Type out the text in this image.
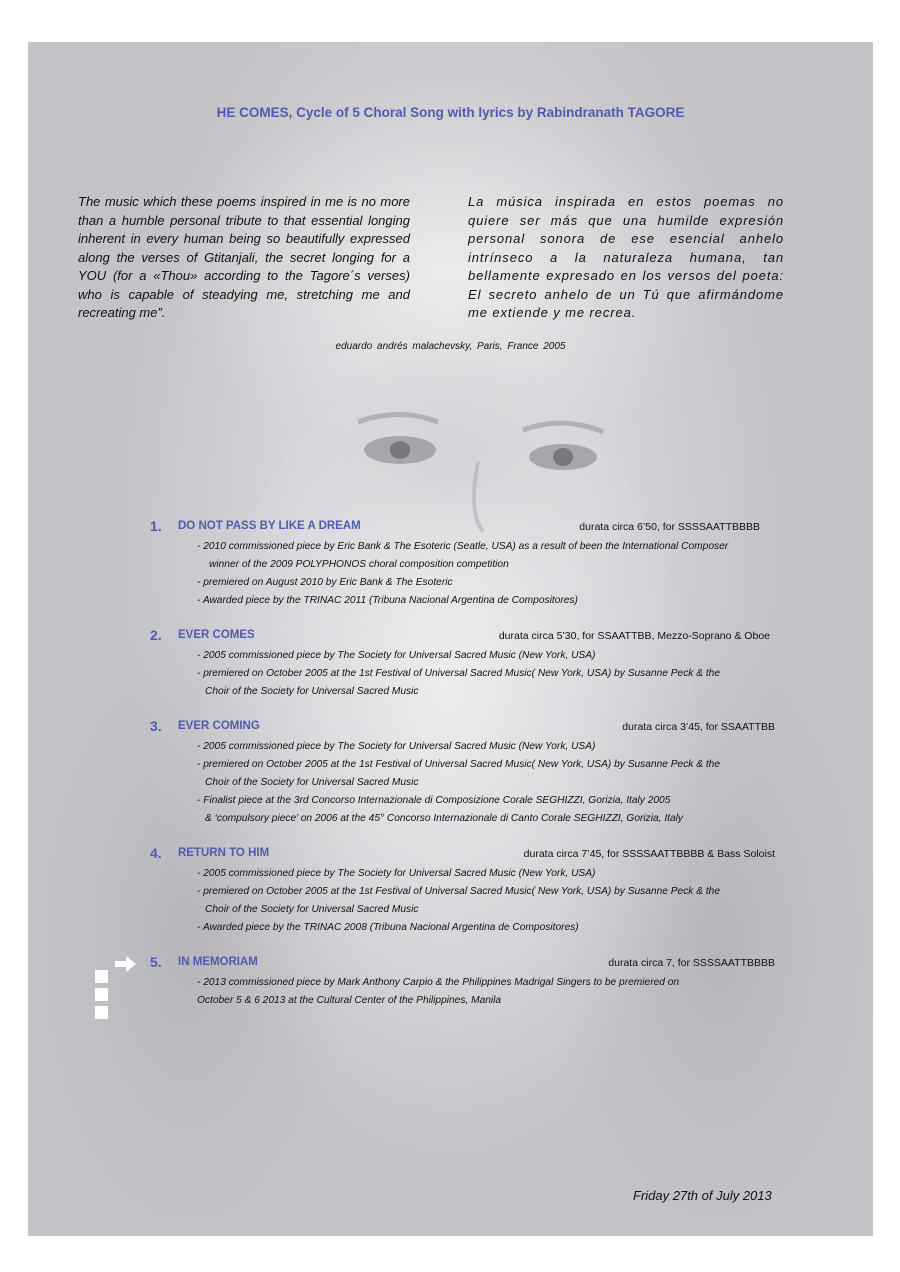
HE COMES, Cycle of 5 Choral Song with lyrics by Rabindranath TAGORE
The music which these poems inspired in me is no more than a humble personal tribute to that essential longing inherent in every human being so beautifully expressed along the verses of Gtitanjali, the secret longing for a YOU (for a «Thou» according to the Tagore´s verses) who is capable of steadying me, stretching me and recreating me”.
La música inspirada en estos poemas no quiere ser más que una humilde expresión personal sonora de ese esencial anhelo intrínseco a la naturaleza humana, tan bellamente expresado en los versos del poeta: El secreto anhelo de un Tú que afirmándome me extiende y me recrea.
eduardo andrés malachevsky, Paris, France 2005
1. DO NOT PASS BY LIKE A DREAM	durata circa 6’50, for SSSSAATTBBBB
- 2010 commissioned piece by Eric Bank & The Esoteric (Seatle, USA) as a result of been the International Composer
winner of the 2009 POLYPHONOS choral composition competition
- premiered on August 2010 by Eric Bank & The Esoteric
- Awarded piece by the TRINAC 2011 (Tribuna Nacional Argentina de Compositores)
2. EVER COMES	durata circa 5’30, for SSAATTBB, Mezzo-Soprano & Oboe
- 2005 commissioned piece by The Society for Universal Sacred Music (New York, USA)
- premiered on October 2005 at the 1st Festival of Universal Sacred Music( New York, USA) by Susanne Peck & the
Choir of the Society for Universal Sacred Music
3. EVER COMING	durata circa 3’45, for SSAATTBB
- 2005 commissioned piece by The Society for Universal Sacred Music (New York, USA)
- premiered on October 2005 at the 1st Festival of Universal Sacred Music( New York, USA) by Susanne Peck & the
Choir of the Society for Universal Sacred Music
- Finalist piece at the 3rd Concorso Internazionale di Composizione Corale SEGHIZZI, Gorizia, Italy 2005
& ‘compulsory piece’ on 2006 at the 45° Concorso Internazionale di Canto Corale SEGHIZZI, Gorizia, Italy
4. RETURN TO HIM	durata circa 7’45, for SSSSAATTBBBB & Bass Soloist
- 2005 commissioned piece by The Society for Universal Sacred Music (New York, USA)
- premiered on October 2005 at the 1st Festival of Universal Sacred Music( New York, USA) by Susanne Peck & the
Choir of the Society for Universal Sacred Music
- Awarded piece by the TRINAC 2008 (Tribuna Nacional Argentina de Compositores)
5. IN MEMORIAM	durata circa 7, for SSSSAATTBBBB
- 2013 commissioned piece by Mark Anthony Carpio & the Philippines Madrigal Singers to be premiered on
October 5 & 6 2013 at the Cultural Center of the Philippines, Manila
Friday 27th of July 2013
